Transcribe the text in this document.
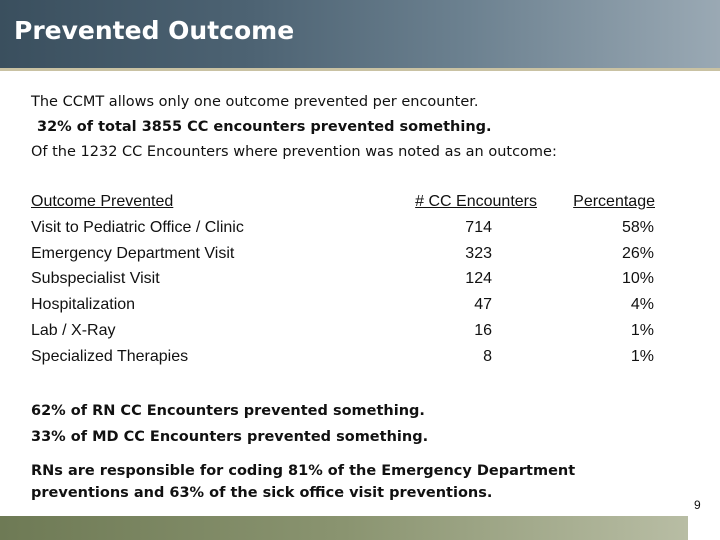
Prevented Outcome
The CCMT allows only one outcome prevented per encounter.
32% of total 3855 CC encounters prevented something.
Of the 1232 CC Encounters where prevention was noted as an outcome:
Outcome Prevented	# CC Encounters Percentage
Visit to Pediatric Office / Clinic	714	58%
Emergency Department Visit	323	26%
Subspecialist Visit	124	10%
Hospitalization	47	4%
Lab / X-Ray	16	1%
Specialized Therapies	8	1%
62% of RN CC Encounters prevented something.
33% of MD CC Encounters prevented something.
RNs are responsible for coding 81% of the Emergency Department preventions and 63% of the sick office visit preventions.
9
